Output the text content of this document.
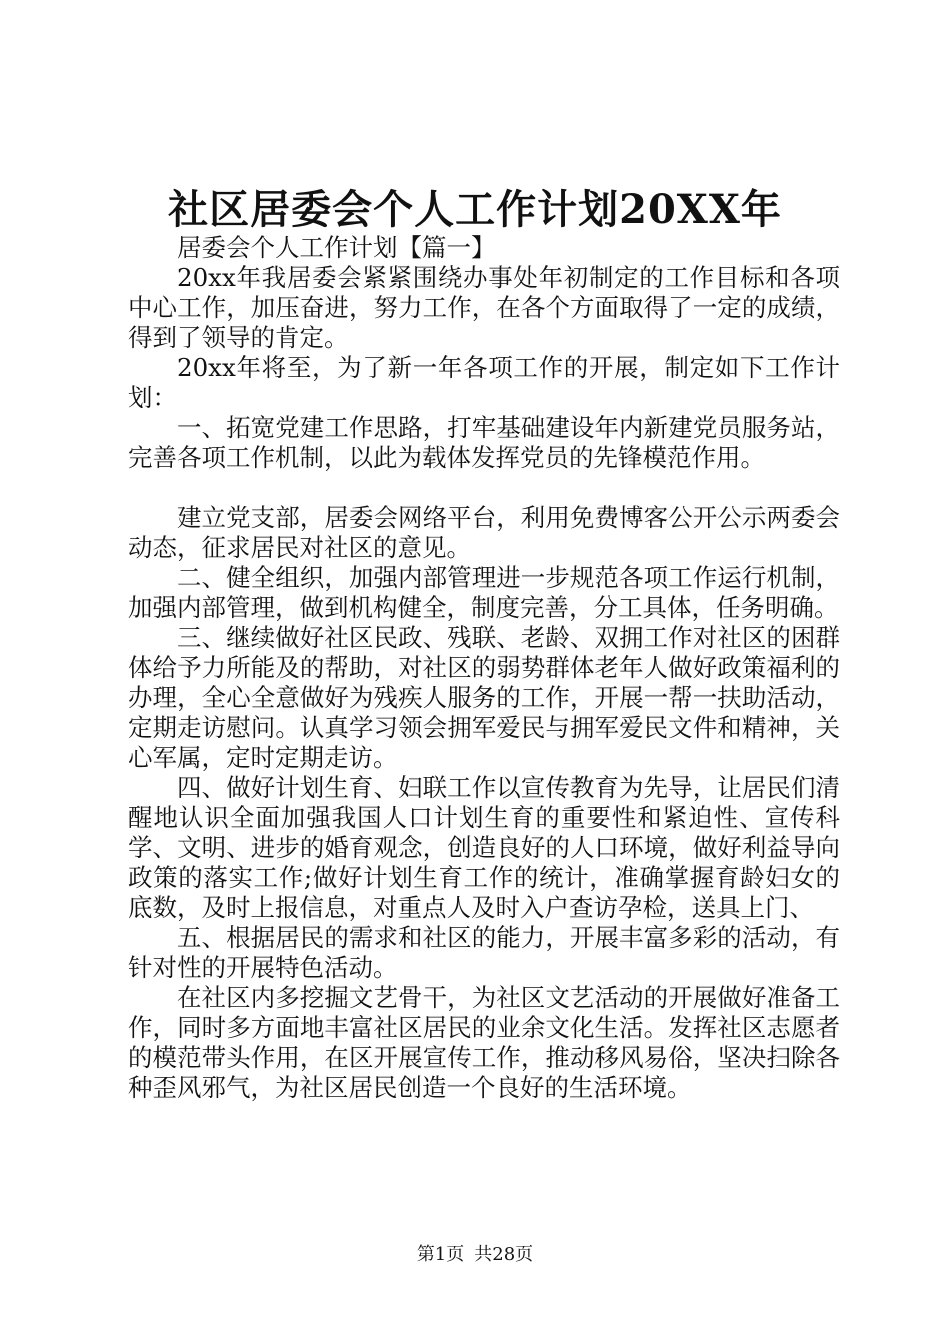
社区居委会个人工作计划20XX年

居委会个人工作计划【篇一】

20xx年我居委会紧紧围绕办事处年初制定的工作目标和各项中心工作，加压奋进，努力工作，在各个方面取得了一定的成绩，得到了领导的肯定。

20xx年将至，为了新一年各项工作的开展，制定如下工作计划：

一、拓宽党建工作思路，打牢基础建设年内新建党员服务站，完善各项工作机制，以此为载体发挥党员的先锋模范作用。

建立党支部，居委会网络平台，利用免费博客公开公示两委会动态，征求居民对社区的意见。

二、健全组织，加强内部管理进一步规范各项工作运行机制，加强内部管理，做到机构健全，制度完善，分工具体，任务明确。

三、继续做好社区民政、残联、老龄、双拥工作对社区的困群体给予力所能及的帮助，对社区的弱势群体老年人做好政策福利的办理，全心全意做好为残疾人服务的工作，开展一帮一扶助活动，定期走访慰问。认真学习领会拥军爱民与拥军爱民文件和精神，关心军属，定时定期走访。

四、做好计划生育、妇联工作以宣传教育为先导，让居民们清醒地认识全面加强我国人口计划生育的重要性和紧迫性、宣传科学、文明、进步的婚育观念，创造良好的人口环境，做好利益导向政策的落实工作;做好计划生育工作的统计，准确掌握育龄妇女的底数，及时上报信息，对重点人及时入户查访孕检，送具上门、

五、根据居民的需求和社区的能力，开展丰富多彩的活动，有针对性的开展特色活动。

在社区内多挖掘文艺骨干，为社区文艺活动的开展做好准备工作，同时多方面地丰富社区居民的业余文化生活。发挥社区志愿者的模范带头作用，在区开展宣传工作，推动移风易俗，坚决扫除各种歪风邪气，为社区居民创造一个良好的生活环境。

第1页 共28页
